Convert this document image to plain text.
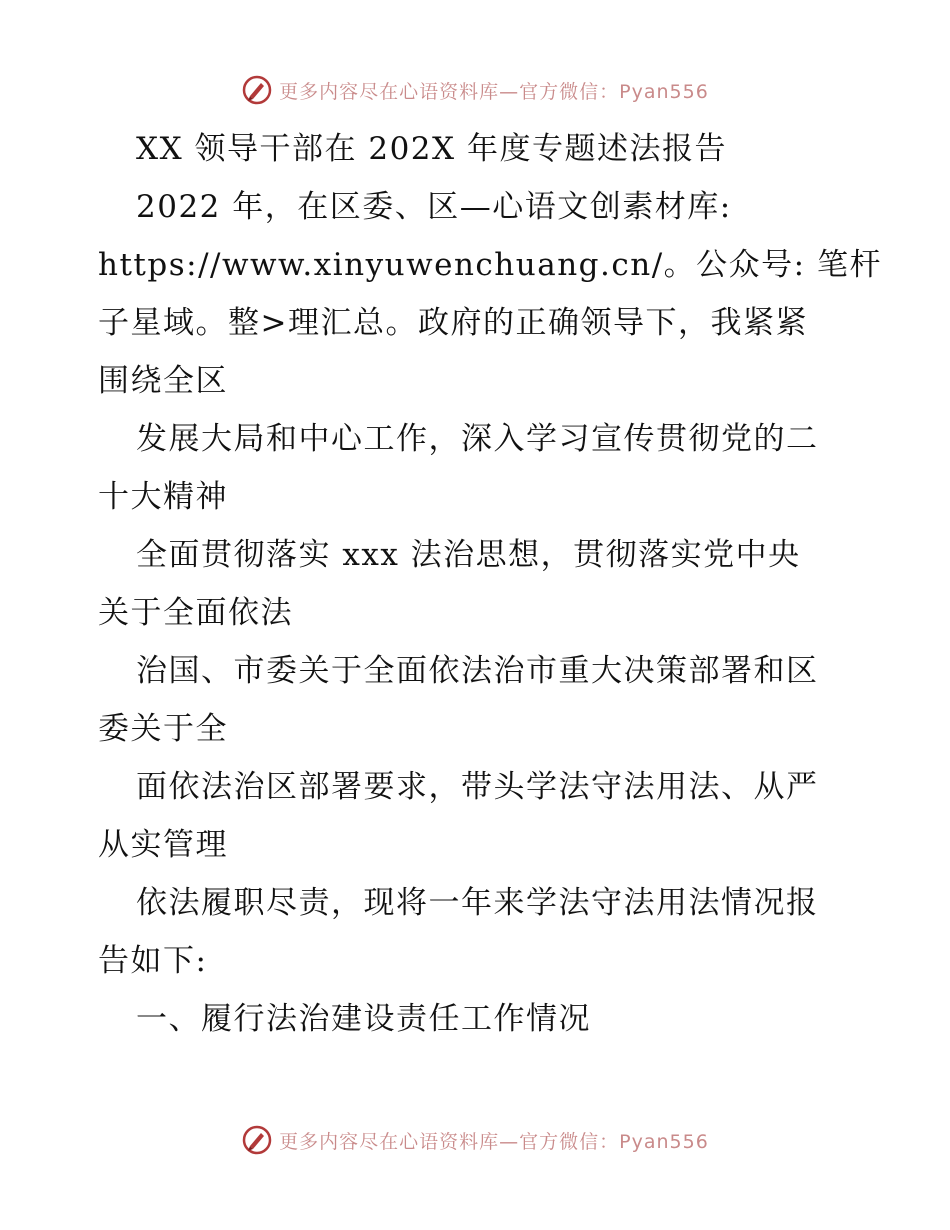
更多内容尽在心语资料库—官方微信：Pyan556
XX 领导干部在 202X 年度专题述法报告
2022 年，在区委、区—心语文创素材库:
https://www.xinyuwenchuang.cn/。公众号: 笔杆
子星域。整>理汇总。政府的正确领导下，我紧紧
围绕全区
发展大局和中心工作，深入学习宣传贯彻党的二
十大精神
全面贯彻落实 xxx 法治思想，贯彻落实党中央
关于全面依法
治国、市委关于全面依法治市重大决策部署和区
委关于全
面依法治区部署要求，带头学法守法用法、从严
从实管理
依法履职尽责，现将一年来学法守法用法情况报
告如下:
一、履行法治建设责任工作情况
更多内容尽在心语资料库—官方微信：Pyan556
